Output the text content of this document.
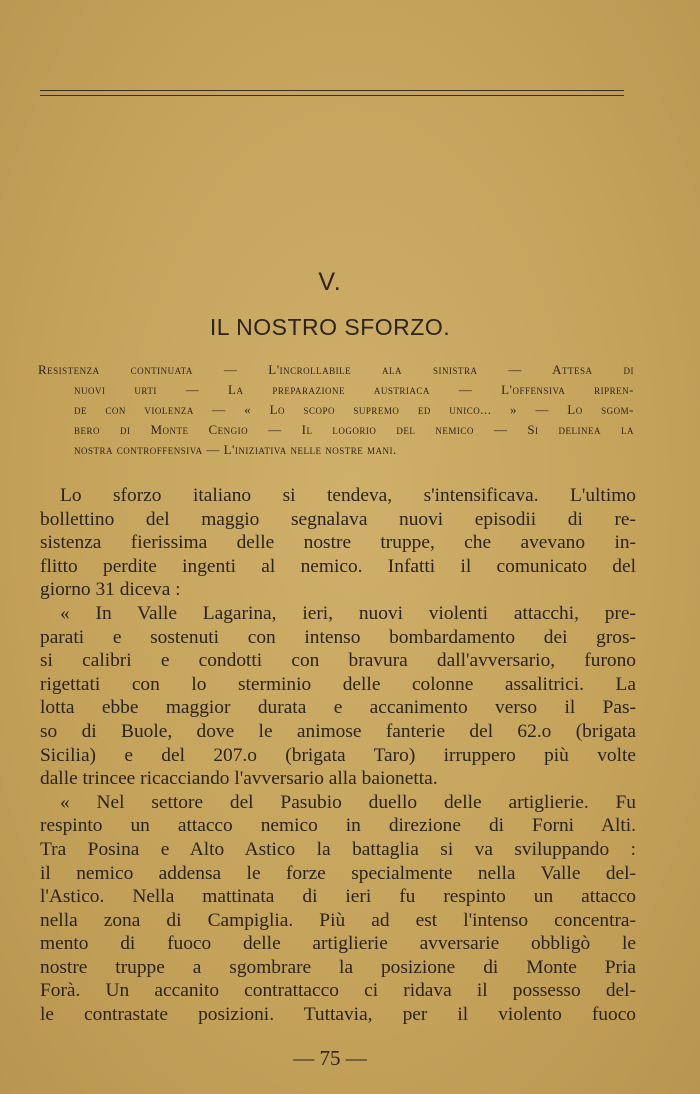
V.
IL NOSTRO SFORZO.
Resistenza continuata — L'incrollabile ala sinistra — Attesa di
nuovi urti — La preparazione austriaca — L'offensiva ripren-
de con violenza — « Lo scopo supremo ed unico... » — Lo sgom-
bero di Monte Cengio — Il logorio del nemico — Si delinea la
nostra controffensiva — L'iniziativa nelle nostre mani.
Lo sforzo italiano si tendeva, s'intensificava. L'ultimo
bollettino del maggio segnalava nuovi episodii di re-
sistenza fierissima delle nostre truppe, che avevano in-
flitto perdite ingenti al nemico. Infatti il comunicato del
giorno 31 diceva :
« In Valle Lagarina, ieri, nuovi violenti attacchi, pre-
parati e sostenuti con intenso bombardamento dei gros-
si calibri e condotti con bravura dall'avversario, furono
rigettati con lo sterminio delle colonne assalitrici. La
lotta ebbe maggior durata e accanimento verso il Pas-
so di Buole, dove le animose fanterie del 62.o (brigata
Sicilia) e del 207.o (brigata Taro) irruppero più volte
dalle trincee ricacciando l'avversario alla baionetta.
« Nel settore del Pasubio duello delle artiglierie. Fu
respinto un attacco nemico in direzione di Forni Alti.
Tra Posina e Alto Astico la battaglia si va sviluppando :
il nemico addensa le forze specialmente nella Valle del-
l'Astico. Nella mattinata di ieri fu respinto un attacco
nella zona di Campiglia. Più ad est l'intenso concentra-
mento di fuoco delle artiglierie avversarie obbligò le
nostre truppe a sgombrare la posizione di Monte Pria
Forà. Un accanito contrattacco ci ridava il possesso del-
le contrastate posizioni. Tuttavia, per il violento fuoco
— 75 —
